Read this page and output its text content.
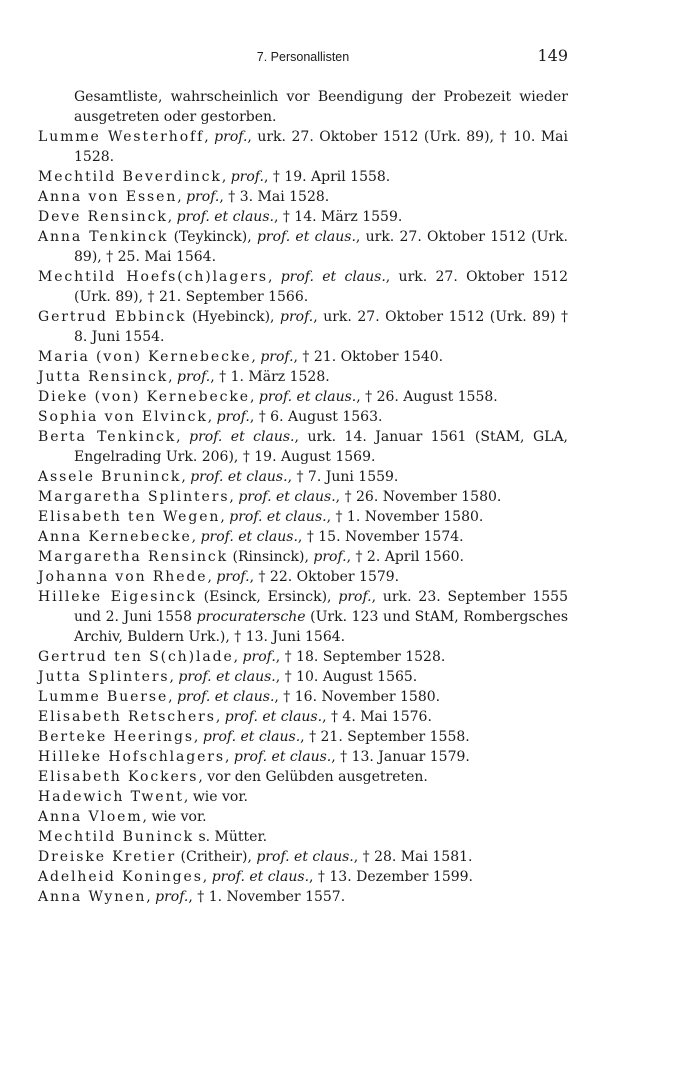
7. Personallisten	149

Gesamtliste, wahrscheinlich vor Beendigung der Probezeit wieder ausgetreten oder gestorben.

Lumme Westerhoff, prof., urk. 27. Oktober 1512 (Urk. 89), † 10. Mai 1528.

Mechtild Beverdinck, prof., † 19. April 1558.

Anna von Essen, prof., † 3. Mai 1528.

Deve Rensinck, prof. et claus., † 14. März 1559.

Anna Tenkinck (Teykinck), prof. et claus., urk. 27. Oktober 1512 (Urk. 89), † 25. Mai 1564.

Mechtild Hoefs(ch)lagers, prof. et claus., urk. 27. Oktober 1512 (Urk. 89), † 21. September 1566.

Gertrud Ebbinck (Hyebinck), prof., urk. 27. Oktober 1512 (Urk. 89) † 8. Juni 1554.

Maria (von) Kernebecke, prof., † 21. Oktober 1540.

Jutta Rensinck, prof., † 1. März 1528.

Dieke (von) Kernebecke, prof. et claus., † 26. August 1558.

Sophia von Elvinck, prof., † 6. August 1563.

Berta Tenkinck, prof. et claus., urk. 14. Januar 1561 (StAM, GLA, Engelrading Urk. 206), † 19. August 1569.

Assele Bruninck, prof. et claus., † 7. Juni 1559.

Margaretha Splinters, prof. et claus., † 26. November 1580.

Elisabeth ten Wegen, prof. et claus., † 1. November 1580.

Anna Kernebecke, prof. et claus., † 15. November 1574.

Margaretha Rensinck (Rinsinck), prof., † 2. April 1560.

Johanna von Rhede, prof., † 22. Oktober 1579.

Hilleke Eigesinck (Esinck, Ersinck), prof., urk. 23. September 1555 und 2. Juni 1558 procuratersche (Urk. 123 und StAM, Rombergsches Archiv, Buldern Urk.), † 13. Juni 1564.

Gertrud ten S(ch)lade, prof., † 18. September 1528.

Jutta Splinters, prof. et claus., † 10. August 1565.

Lumme Buerse, prof. et claus., † 16. November 1580.

Elisabeth Retschers, prof. et claus., † 4. Mai 1576.

Berteke Heerings, prof. et claus., † 21. September 1558.

Hilleke Hofschlagers, prof. et claus., † 13. Januar 1579.

Elisabeth Kockers, vor den Gelübden ausgetreten.

Hadewich Twent, wie vor.

Anna Vloem, wie vor.

Mechtild Buninck s. Mütter.

Dreiske Kretier (Critheir), prof. et claus., † 28. Mai 1581.

Adelheid Koninges, prof. et claus., † 13. Dezember 1599.

Anna Wynen, prof., † 1. November 1557.
